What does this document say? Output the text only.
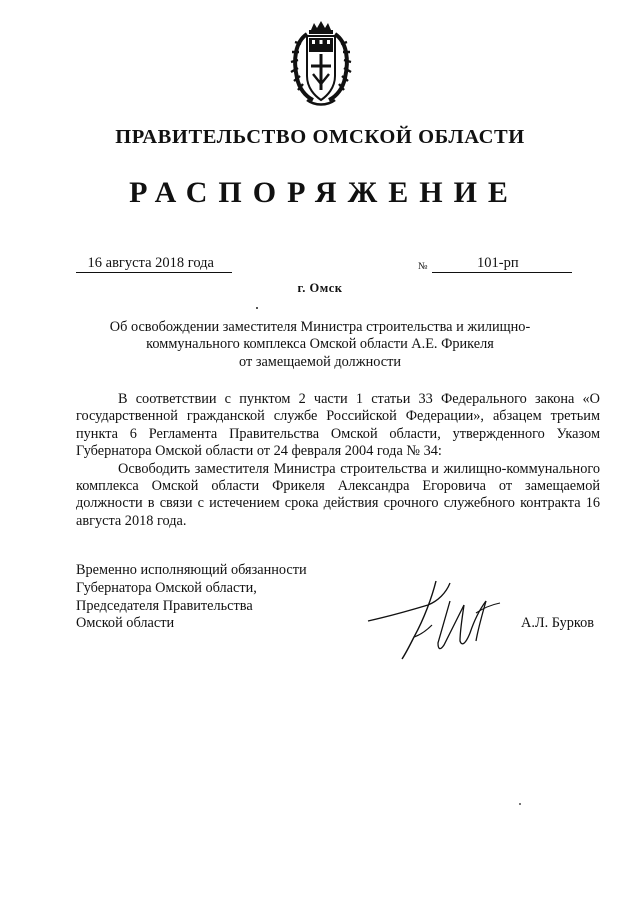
ПРАВИТЕЛЬСТВО ОМСКОЙ ОБЛАСТИ
РАСПОРЯЖЕНИЕ
16 августа 2018 года	№	101-рп
г. Омск
Об освобождении заместителя Министра строительства и жилищно-
коммунального комплекса Омской области А.Е. Фрикеля
от замещаемой должности

В соответствии с пунктом 2 части 1 статьи 33 Федерального закона «О государственной гражданской службе Российской Федерации», абзацем третьим пункта 6 Регламента Правительства Омской области, утвержденного Указом Губернатора Омской области от 24 февраля 2004 года № 34:

Освободить заместителя Министра строительства и жилищно-коммунального комплекса Омской области Фрикеля Александра Егоровича от замещаемой должности в связи с истечением срока действия срочного служебного контракта 16 августа 2018 года.

Временно исполняющий обязанности
Губернатора Омской области,
Председателя Правительства
Омской области	А.Л. Бурков
